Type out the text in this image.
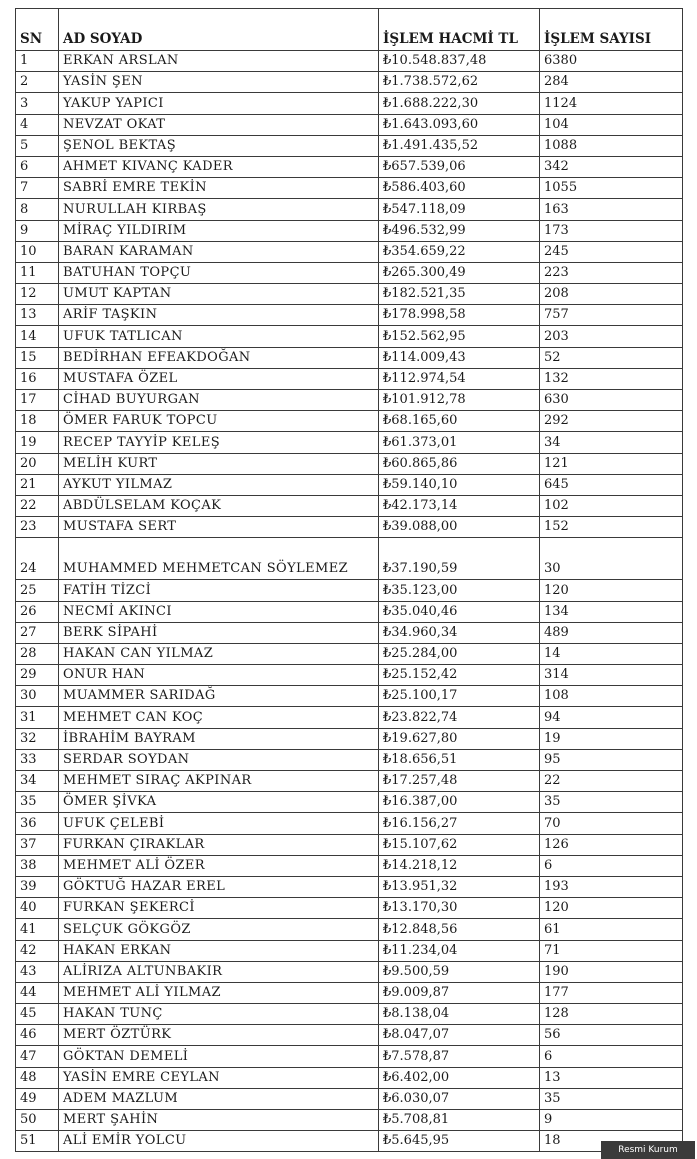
SN	AD SOYAD	İŞLEM HACMİ TL	İŞLEM SAYISI
1	ERKAN ARSLAN	₺10.548.837,48	6380
2	YASİN ŞEN	₺1.738.572,62	284
3	YAKUP YAPICI	₺1.688.222,30	1124
4	NEVZAT OKAT	₺1.643.093,60	104
5	ŞENOL BEKTAŞ	₺1.491.435,52	1088
6	AHMET KIVANÇ KADER	₺657.539,06	342
7	SABRİ EMRE TEKİN	₺586.403,60	1055
8	NURULLAH KIRBAŞ	₺547.118,09	163
9	MİRAÇ YILDIRIM	₺496.532,99	173
10	BARAN KARAMAN	₺354.659,22	245
11	BATUHAN TOPÇU	₺265.300,49	223
12	UMUT KAPTAN	₺182.521,35	208
13	ARİF TAŞKIN	₺178.998,58	757
14	UFUK TATLICAN	₺152.562,95	203
15	BEDİRHAN EFEAKDOĞAN	₺114.009,43	52
16	MUSTAFA ÖZEL	₺112.974,54	132
17	CİHAD BUYURGAN	₺101.912,78	630
18	ÖMER FARUK TOPCU	₺68.165,60	292
19	RECEP TAYYİP KELEŞ	₺61.373,01	34
20	MELİH KURT	₺60.865,86	121
21	AYKUT YILMAZ	₺59.140,10	645
22	ABDÜLSELAM KOÇAK	₺42.173,14	102
23	MUSTAFA SERT	₺39.088,00	152
24	MUHAMMED MEHMETCAN SÖYLEMEZ	₺37.190,59	30
25	FATİH TİZCİ	₺35.123,00	120
26	NECMİ AKINCI	₺35.040,46	134
27	BERK SİPAHİ	₺34.960,34	489
28	HAKAN CAN YILMAZ	₺25.284,00	14
29	ONUR HAN	₺25.152,42	314
30	MUAMMER SARIDAĞ	₺25.100,17	108
31	MEHMET CAN KOÇ	₺23.822,74	94
32	İBRAHİM BAYRAM	₺19.627,80	19
33	SERDAR SOYDAN	₺18.656,51	95
34	MEHMET SIRAÇ AKPINAR	₺17.257,48	22
35	ÖMER ŞİVKA	₺16.387,00	35
36	UFUK ÇELEBİ	₺16.156,27	70
37	FURKAN ÇIRAKLAR	₺15.107,62	126
38	MEHMET ALİ ÖZER	₺14.218,12	6
39	GÖKTUĞ HAZAR EREL	₺13.951,32	193
40	FURKAN ŞEKERCİ	₺13.170,30	120
41	SELÇUK GÖKGÖZ	₺12.848,56	61
42	HAKAN ERKAN	₺11.234,04	71
43	ALİRIZA ALTUNBAKIR	₺9.500,59	190
44	MEHMET ALİ YILMAZ	₺9.009,87	177
45	HAKAN TUNÇ	₺8.138,04	128
46	MERT ÖZTÜRK	₺8.047,07	56
47	GÖKTAN DEMELİ	₺7.578,87	6
48	YASİN EMRE CEYLAN	₺6.402,00	13
49	ADEM MAZLUM	₺6.030,07	35
50	MERT ŞAHİN	₺5.708,81	9
51	ALİ EMİR YOLCU	₺5.645,95	18
Resmi Kurum
